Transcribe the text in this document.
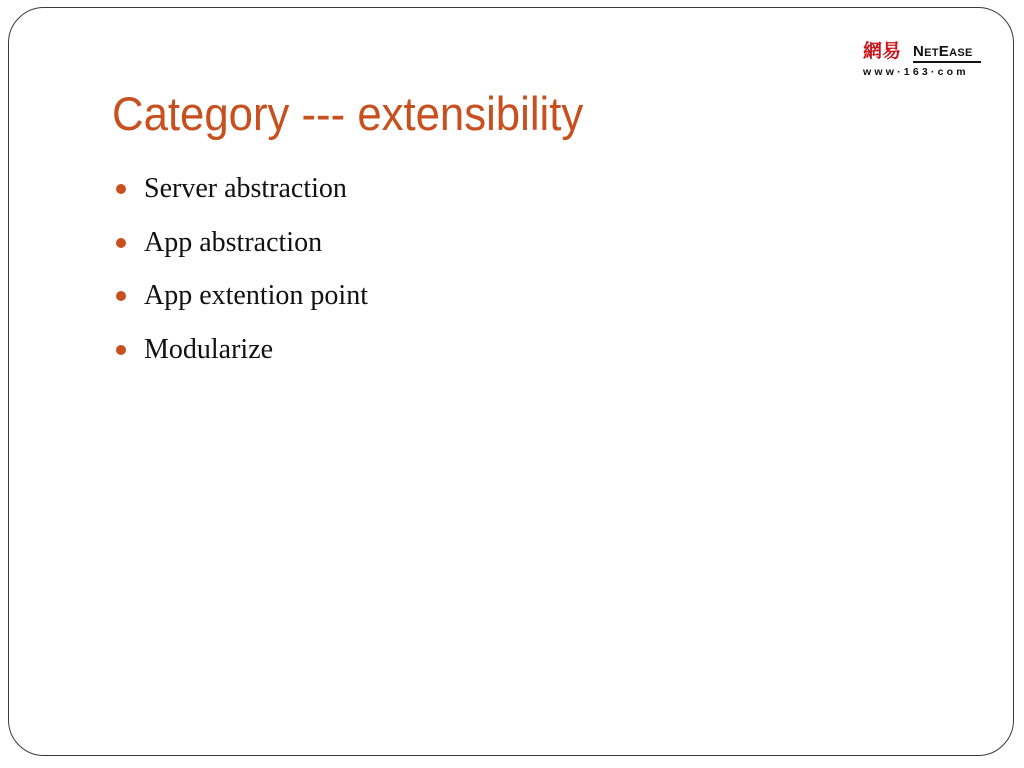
網易 NetEase
www·163·com
Category --- extensibility
Server abstraction
App abstraction
App extention point
Modularize
